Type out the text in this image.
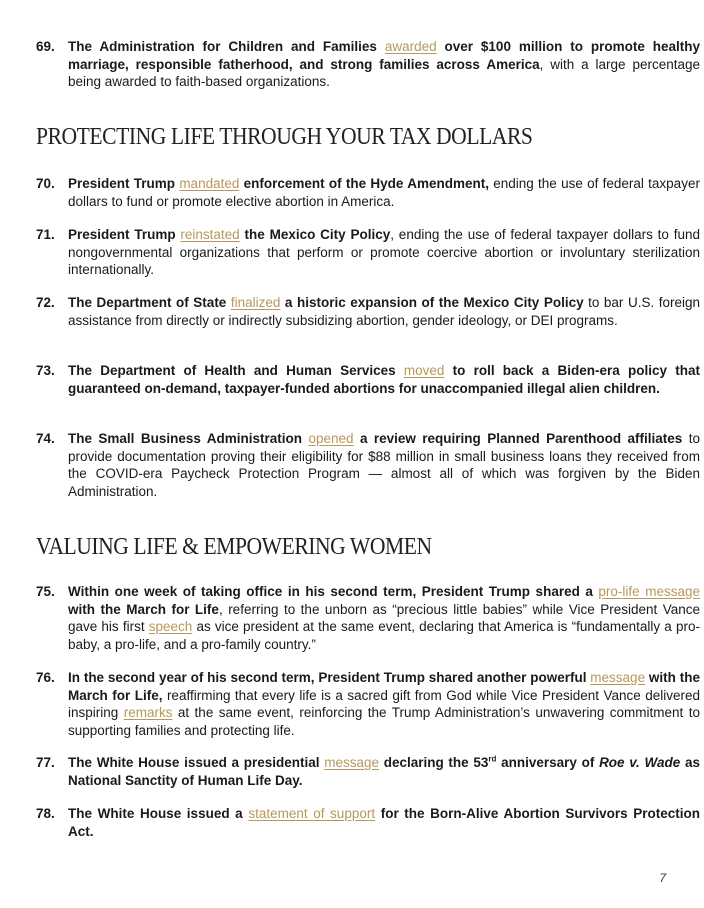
69. The Administration for Children and Families awarded over $100 million to promote healthy marriage, responsible fatherhood, and strong families across America, with a large percentage being awarded to faith-based organizations.
PROTECTING LIFE THROUGH YOUR TAX DOLLARS
70. President Trump mandated enforcement of the Hyde Amendment, ending the use of federal taxpayer dollars to fund or promote elective abortion in America.
71. President Trump reinstated the Mexico City Policy, ending the use of federal taxpayer dollars to fund nongovernmental organizations that perform or promote coercive abortion or involuntary sterilization internationally.
72. The Department of State finalized a historic expansion of the Mexico City Policy to bar U.S. foreign assistance from directly or indirectly subsidizing abortion, gender ideology, or DEI programs.
73. The Department of Health and Human Services moved to roll back a Biden-era policy that guaranteed on-demand, taxpayer-funded abortions for unaccompanied illegal alien children.
74. The Small Business Administration opened a review requiring Planned Parenthood affiliates to provide documentation proving their eligibility for $88 million in small business loans they received from the COVID-era Paycheck Protection Program — almost all of which was forgiven by the Biden Administration.
VALUING LIFE & EMPOWERING WOMEN
75. Within one week of taking office in his second term, President Trump shared a pro-life message with the March for Life, referring to the unborn as “precious little babies” while Vice President Vance gave his first speech as vice president at the same event, declaring that America is “fundamentally a pro-baby, a pro-life, and a pro-family country.”
76. In the second year of his second term, President Trump shared another powerful message with the March for Life, reaffirming that every life is a sacred gift from God while Vice President Vance delivered inspiring remarks at the same event, reinforcing the Trump Administration’s unwavering commitment to supporting families and protecting life.
77. The White House issued a presidential message declaring the 53rd anniversary of Roe v. Wade as National Sanctity of Human Life Day.
78. The White House issued a statement of support for the Born-Alive Abortion Survivors Protection Act.
7
